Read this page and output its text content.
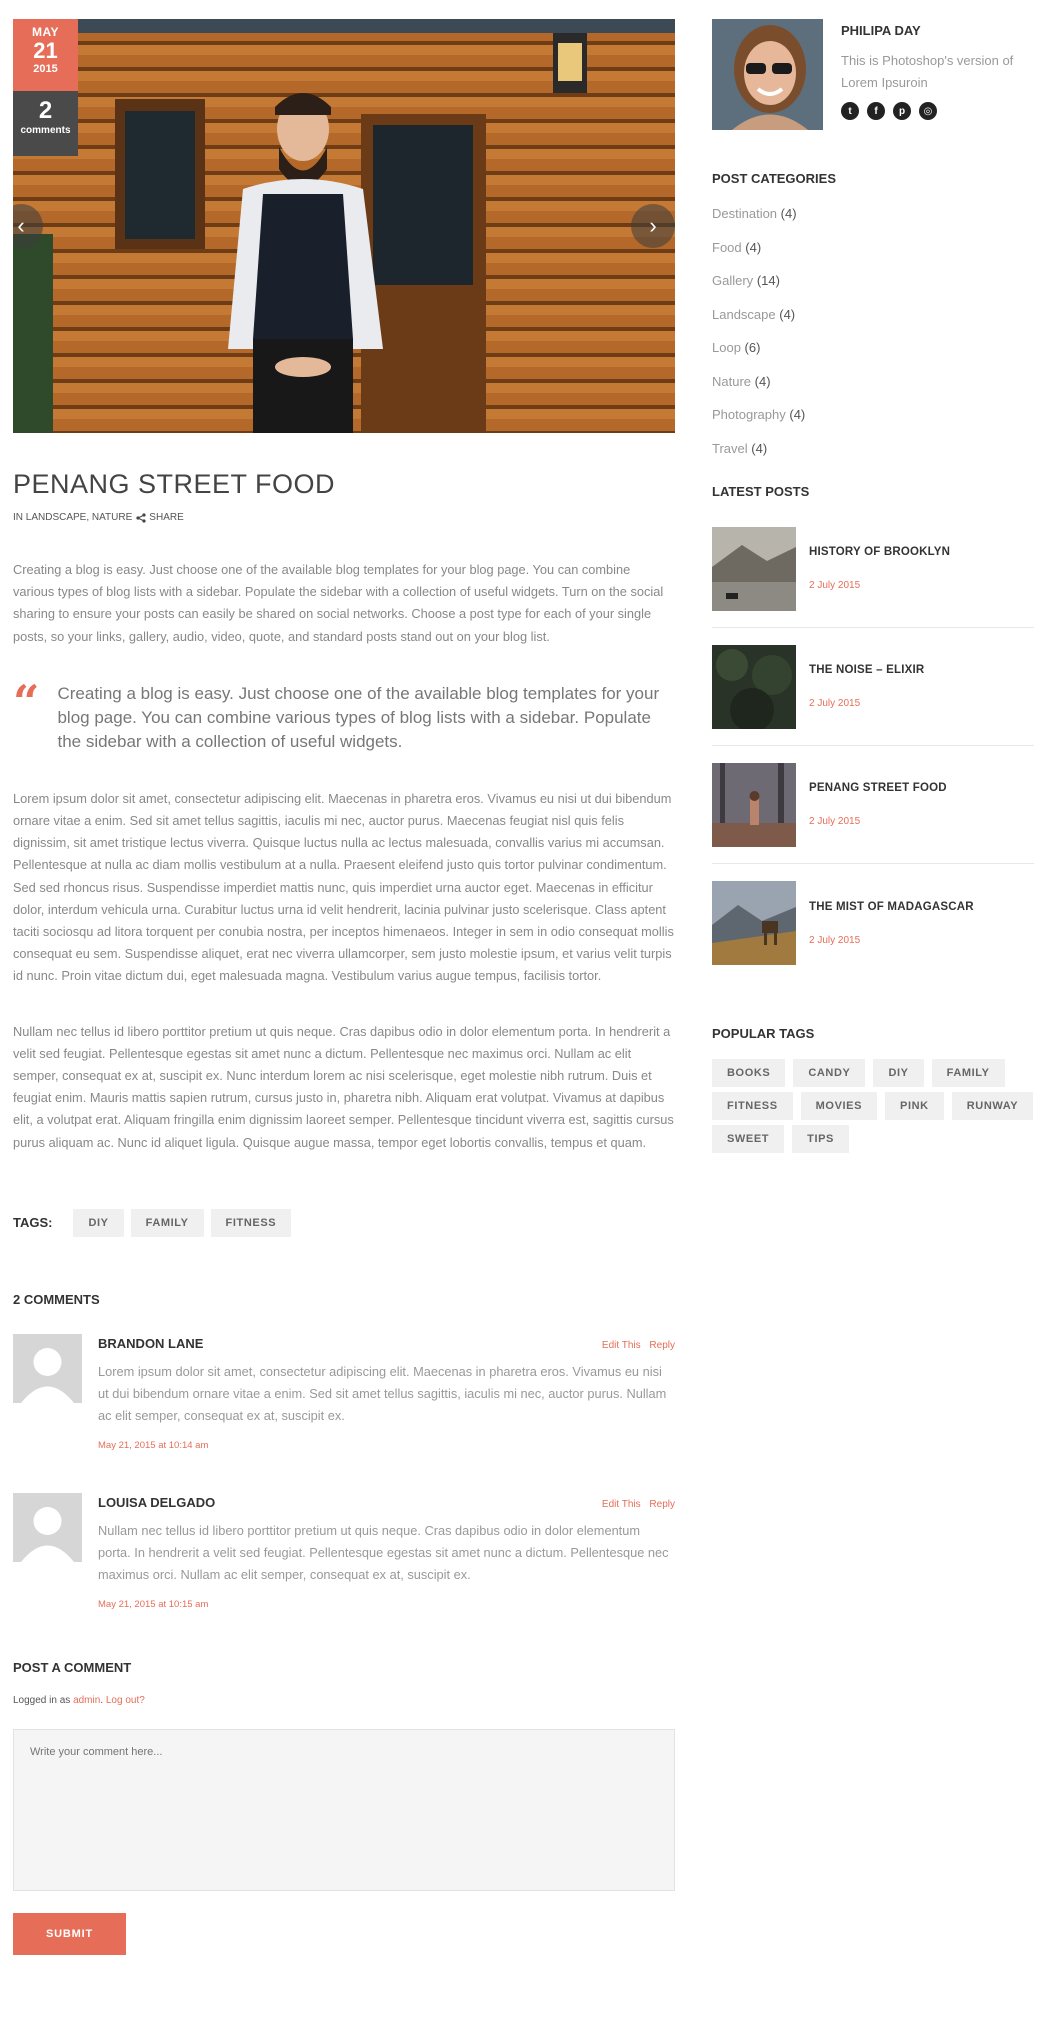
MAY
21
2015
2
comments
‹	›
PENANG STREET FOOD
IN LANDSCAPE, NATURE SHARE

Creating a blog is easy. Just choose one of the available blog templates for your blog page. You can combine various types of blog lists with a sidebar. Populate the sidebar with a collection of useful widgets. Turn on the social sharing to ensure your posts can easily be shared on social networks. Choose a post type for each of your single posts, so your links, gallery, audio, video, quote, and standard posts stand out on your blog list.

“ Creating a blog is easy. Just choose one of the available blog templates for your blog page. You can combine various types of blog lists with a sidebar. Populate the sidebar with a collection of useful widgets.

Lorem ipsum dolor sit amet, consectetur adipiscing elit. Maecenas in pharetra eros. Vivamus eu nisi ut dui bibendum ornare vitae a enim. Sed sit amet tellus sagittis, iaculis mi nec, auctor purus. Maecenas feugiat nisl quis felis dignissim, sit amet tristique lectus viverra. Quisque luctus nulla ac lectus malesuada, convallis varius mi accumsan. Pellentesque at nulla ac diam mollis vestibulum at a nulla. Praesent eleifend justo quis tortor pulvinar condimentum. Sed sed rhoncus risus. Suspendisse imperdiet mattis nunc, quis imperdiet urna auctor eget. Maecenas in efficitur dolor, interdum vehicula urna. Curabitur luctus urna id velit hendrerit, lacinia pulvinar justo scelerisque. Class aptent taciti sociosqu ad litora torquent per conubia nostra, per inceptos himenaeos. Integer in sem in odio consequat mollis consequat eu sem. Suspendisse aliquet, erat nec viverra ullamcorper, sem justo molestie ipsum, et varius velit turpis id nunc. Proin vitae dictum dui, eget malesuada magna. Vestibulum varius augue tempus, facilisis tortor.

Nullam nec tellus id libero porttitor pretium ut quis neque. Cras dapibus odio in dolor elementum porta. In hendrerit a velit sed feugiat. Pellentesque egestas sit amet nunc a dictum. Pellentesque nec maximus orci. Nullam ac elit semper, consequat ex at, suscipit ex. Nunc interdum lorem ac nisi scelerisque, eget molestie nibh rutrum. Duis et feugiat enim. Mauris mattis sapien rutrum, cursus justo in, pharetra nibh. Aliquam erat volutpat. Vivamus at dapibus elit, a volutpat erat. Aliquam fringilla enim dignissim laoreet semper. Pellentesque tincidunt viverra est, sagittis cursus purus aliquam ac. Nunc id aliquet ligula. Quisque augue massa, tempor eget lobortis convallis, tempus et quam.

TAGS:	DIY	FAMILY	FITNESS
2 COMMENTS
BRANDON LANE	Edit This Reply
Lorem ipsum dolor sit amet, consectetur adipiscing elit. Maecenas in pharetra eros. Vivamus eu nisi ut dui bibendum ornare vitae a enim. Sed sit amet tellus sagittis, iaculis mi nec, auctor purus. Nullam ac elit semper, consequat ex at, suscipit ex.
May 21, 2015 at 10:14 am
LOUISA DELGADO	Edit This Reply
Nullam nec tellus id libero porttitor pretium ut quis neque. Cras dapibus odio in dolor elementum porta. In hendrerit a velit sed feugiat. Pellentesque egestas sit amet nunc a dictum. Pellentesque nec maximus orci. Nullam ac elit semper, consequat ex at, suscipit ex.
May 21, 2015 at 10:15 am
POST A COMMENT
Logged in as admin. Log out?
Write your comment here...
SUBMIT
PHILIPA DAY
This is Photoshop's version of Lorem Ipsuroin
t	f	p	◎
POST CATEGORIES
Destination (4)
Food (4)
Gallery (14)
Landscape (4)
Loop (6)
Nature (4)
Photography (4)
Travel (4)
LATEST POSTS
HISTORY OF BROOKLYN
2 July 2015
THE NOISE – ELIXIR
2 July 2015
PENANG STREET FOOD
2 July 2015
THE MIST OF MADAGASCAR
2 July 2015
POPULAR TAGS
BOOKS	CANDY	DIY	FAMILY
FITNESS	MOVIES	PINK	RUNWAY
SWEET	TIPS
